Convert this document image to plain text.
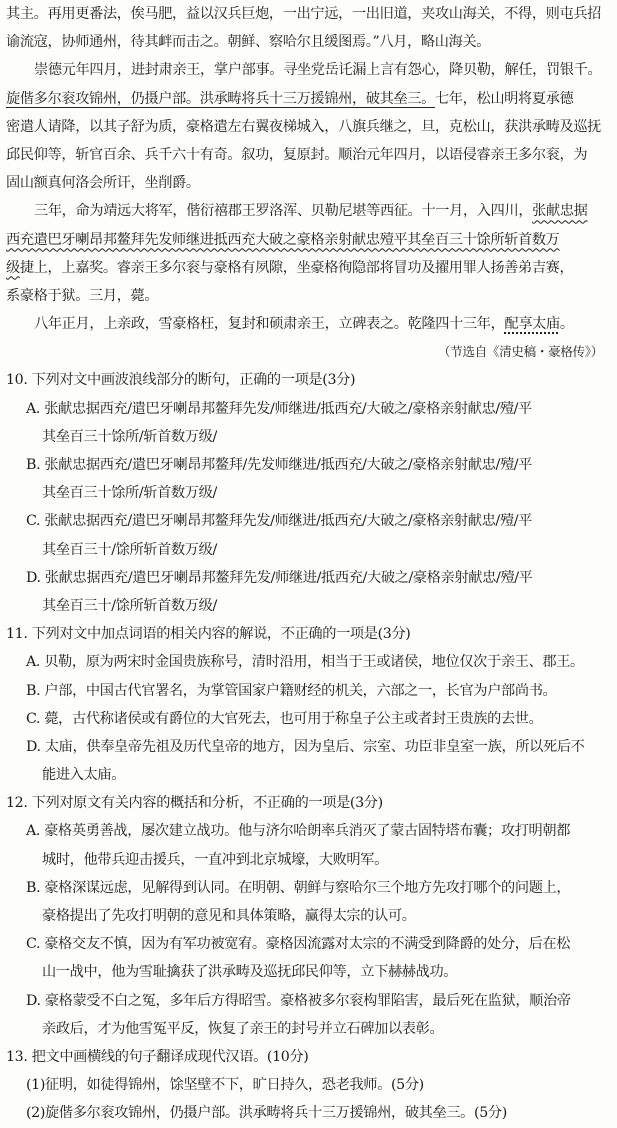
其主。再用更番法，俟马肥，益以汉兵巨炮，一出宁远，一出旧道，夹攻山海关，不得，则屯兵招
谕流寇，协师通州，待其衅而击之。朝鲜、察哈尔且缓图焉。”八月，略山海关。
崇德元年四月，进封肃亲王，掌户部事。寻坐党岳讬漏上言有怨心，降贝勒，解任，罚银千。
旋偕多尔衮攻锦州，仍摄户部。洪承畴将兵十三万援锦州，破其垒三。七年，松山明将夏承德
密遣人请降，以其子舒为质，豪格遣左右翼夜梯城入，八旗兵继之，旦，克松山，获洪承畴及巡抚
邱民仰等，斩官百余、兵千六十有奇。叙功，复原封。顺治元年四月，以语侵睿亲王多尔衮，为
固山额真何洛会所讦，坐削爵。
三年，命为靖远大将军，偕衍禧郡王罗洛浑、贝勒尼堪等西征。十一月，入四川，张献忠据
西充遣巴牙喇昂邦鳌拜先发师继进抵西充大破之豪格亲射献忠殪平其垒百三十馀所斩首数万
级捷上，上嘉奖。睿亲王多尔衮与豪格有夙隙，坐豪格徇隐部将冒功及擢用罪人扬善弟吉赛，
系豪格于狱。三月，薨。
八年正月，上亲政，雪豪格枉，复封和硕肃亲王，立碑表之。乾隆四十三年，配享太庙。
（节选自《清史稿・豪格传》）
10. 下列对文中画波浪线部分的断句，正确的一项是(3分)
A. 张献忠据西充/遣巴牙喇昂邦鳌拜先发/师继进/抵西充/大破之/豪格亲射献忠/殪/平
其垒百三十馀所/斩首数万级/
B. 张献忠据西充/遣巴牙喇昂邦鳌拜/先发师继进/抵西充/大破之/豪格亲射献忠/殪/平
其垒百三十馀所/斩首数万级/
C. 张献忠据西充/遣巴牙喇昂邦鳌拜先发/师继进/抵西充/大破之/豪格亲射献忠/殪/平
其垒百三十/馀所斩首数万级/
D. 张献忠据西充/遣巴牙喇昂邦鳌拜先发/师继进/抵西充/大破之/豪格亲射献忠/殪/平
其垒百三十/馀所斩首数万级/
11. 下列对文中加点词语的相关内容的解说，不正确的一项是(3分)
A. 贝勒，原为两宋时金国贵族称号，清时沿用，相当于王或诸侯，地位仅次于亲王、郡王。
B. 户部，中国古代官署名，为掌管国家户籍财经的机关，六部之一，长官为户部尚书。
C. 薨，古代称诸侯或有爵位的大官死去，也可用于称皇子公主或者封王贵族的去世。
D. 太庙，供奉皇帝先祖及历代皇帝的地方，因为皇后、宗室、功臣非皇室一族，所以死后不
能进入太庙。
12. 下列对原文有关内容的概括和分析，不正确的一项是(3分)
A. 豪格英勇善战，屡次建立战功。他与济尔哈朗率兵消灭了蒙古固特塔布囊；攻打明朝都
城时，他带兵迎击援兵，一直冲到北京城壕，大败明军。
B. 豪格深谋远虑，见解得到认同。在明朝、朝鲜与察哈尔三个地方先攻打哪个的问题上，
豪格提出了先攻打明朝的意见和具体策略，赢得太宗的认可。
C. 豪格交友不慎，因为有军功被宽宥。豪格因流露对太宗的不满受到降爵的处分，后在松
山一战中，他为雪耻擒获了洪承畴及巡抚邱民仰等，立下赫赫战功。
D. 豪格蒙受不白之冤，多年后方得昭雪。豪格被多尔衮构罪陷害，最后死在监狱，顺治帝
亲政后，才为他雪冤平反，恢复了亲王的封号并立石碑加以表彰。
13. 把文中画横线的句子翻译成现代汉语。(10分)
(1)征明，如徒得锦州，馀坚壁不下，旷日持久，恐老我师。(5分)
(2)旋偕多尔衮攻锦州，仍摄户部。洪承畴将兵十三万援锦州，破其垒三。(5分)
